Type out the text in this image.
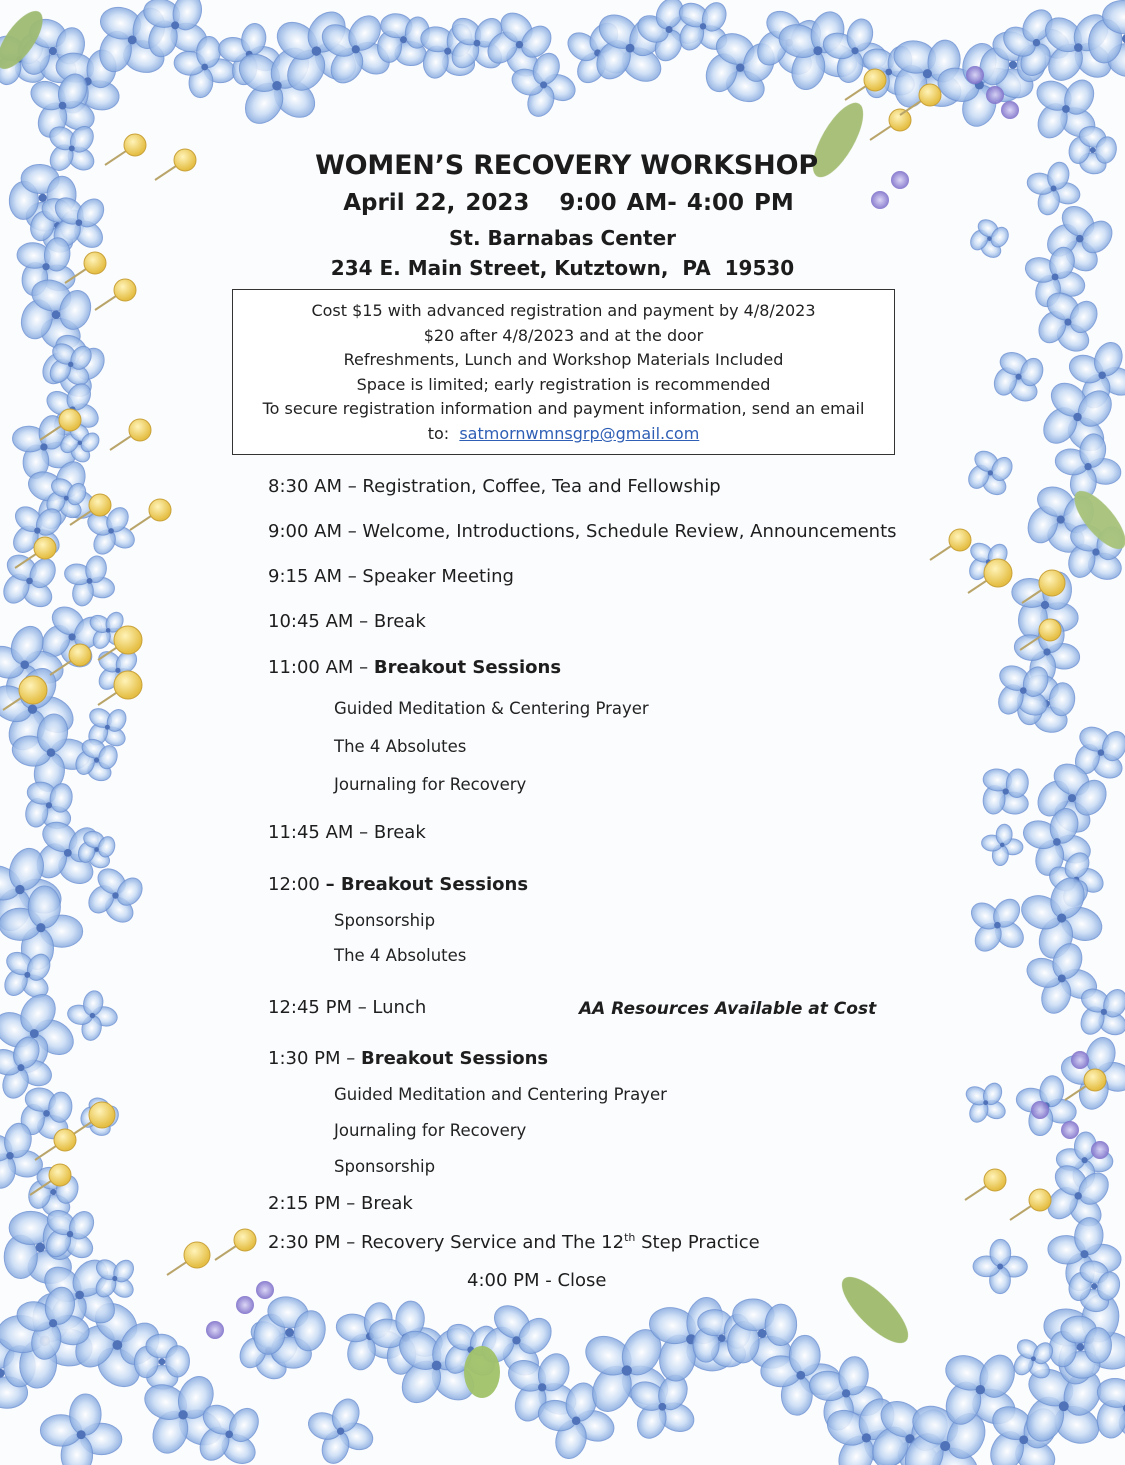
WOMEN’S RECOVERY WORKSHOP
April 22, 2023   9:00 AM- 4:00 PM
St. Barnabas Center
234 E. Main Street, Kutztown,  PA  19530
Cost $15 with advanced registration and payment by 4/8/2023
$20 after 4/8/2023 and at the door
Refreshments, Lunch and Workshop Materials Included
Space is limited; early registration is recommended
To secure registration information and payment information, send an email
to:  satmornwmnsgrp@gmail.com
8:30 AM – Registration, Coffee, Tea and Fellowship
9:00 AM – Welcome, Introductions, Schedule Review, Announcements
9:15 AM – Speaker Meeting
10:45 AM – Break
11:00 AM – Breakout Sessions
Guided Meditation & Centering Prayer
The 4 Absolutes
Journaling for Recovery
11:45 AM – Break
12:00 – Breakout Sessions
Sponsorship
The 4 Absolutes
12:45 PM – Lunch	AA Resources Available at Cost
1:30 PM – Breakout Sessions
Guided Meditation and Centering Prayer
Journaling for Recovery
Sponsorship
2:15 PM – Break
2:30 PM – Recovery Service and The 12th Step Practice
4:00 PM - Close
